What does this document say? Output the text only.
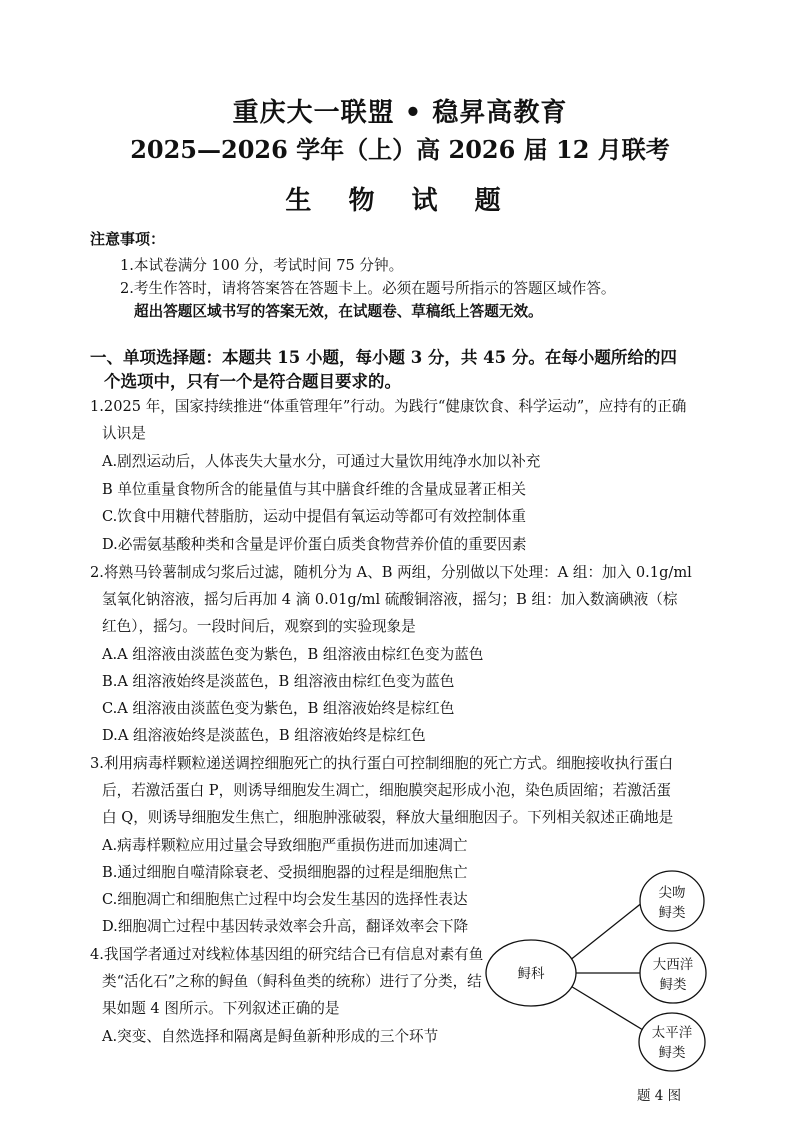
重庆大一联盟 • 稳昇高教育
2025—2026 学年（上）高 2026 届 12 月联考
生 物 试 题
注意事项：
1.本试卷满分 100 分，考试时间 75 分钟。
2.考生作答时，请将答案答在答题卡上。必须在题号所指示的答题区域作答。
超出答题区域书写的答案无效，在试题卷、草稿纸上答题无效。
一、单项选择题：本题共 15 小题，每小题 3 分，共 45 分。在每小题所给的四
个选项中，只有一个是符合题目要求的。
1.2025 年，国家持续推进“体重管理年”行动。为践行“健康饮食、科学运动”，应持有的正确
认识是
A.剧烈运动后，人体丧失大量水分，可通过大量饮用纯净水加以补充
B 单位重量食物所含的能量值与其中膳食纤维的含量成显著正相关
C.饮食中用糖代替脂肪，运动中提倡有氧运动等都可有效控制体重
D.必需氨基酸种类和含量是评价蛋白质类食物营养价值的重要因素
2.将熟马铃薯制成匀浆后过滤，随机分为 A、B 两组，分别做以下处理：A 组：加入 0.1g/ml
氢氧化钠溶液，摇匀后再加 4 滴 0.01g/ml 硫酸铜溶液，摇匀；B 组：加入数滴碘液（棕
红色），摇匀。一段时间后，观察到的实验现象是
A.A 组溶液由淡蓝色变为紫色，B 组溶液由棕红色变为蓝色
B.A 组溶液始终是淡蓝色，B 组溶液由棕红色变为蓝色
C.A 组溶液由淡蓝色变为紫色，B 组溶液始终是棕红色
D.A 组溶液始终是淡蓝色，B 组溶液始终是棕红色
3.利用病毒样颗粒递送调控细胞死亡的执行蛋白可控制细胞的死亡方式。细胞接收执行蛋白
后，若激活蛋白 P，则诱导细胞发生凋亡，细胞膜突起形成小泡，染色质固缩；若激活蛋
白 Q，则诱导细胞发生焦亡，细胞肿涨破裂，释放大量细胞因子。下列相关叙述正确地是
A.病毒样颗粒应用过量会导致细胞严重损伤进而加速凋亡
B.通过细胞自噬清除衰老、受损细胞器的过程是细胞焦亡
C.细胞凋亡和细胞焦亡过程中均会发生基因的选择性表达
D.细胞凋亡过程中基因转录效率会升高，翻译效率会下降
4.我国学者通过对线粒体基因组的研究结合已有信息对素有鱼
类“活化石”之称的鲟鱼（鲟科鱼类的统称）进行了分类，结
果如题 4 图所示。下列叙述正确的是
A.突变、自然选择和隔离是鲟鱼新种形成的三个环节
鲟科
尖吻
鲟类
大西洋
鲟类
太平洋
鲟类
题 4 图
